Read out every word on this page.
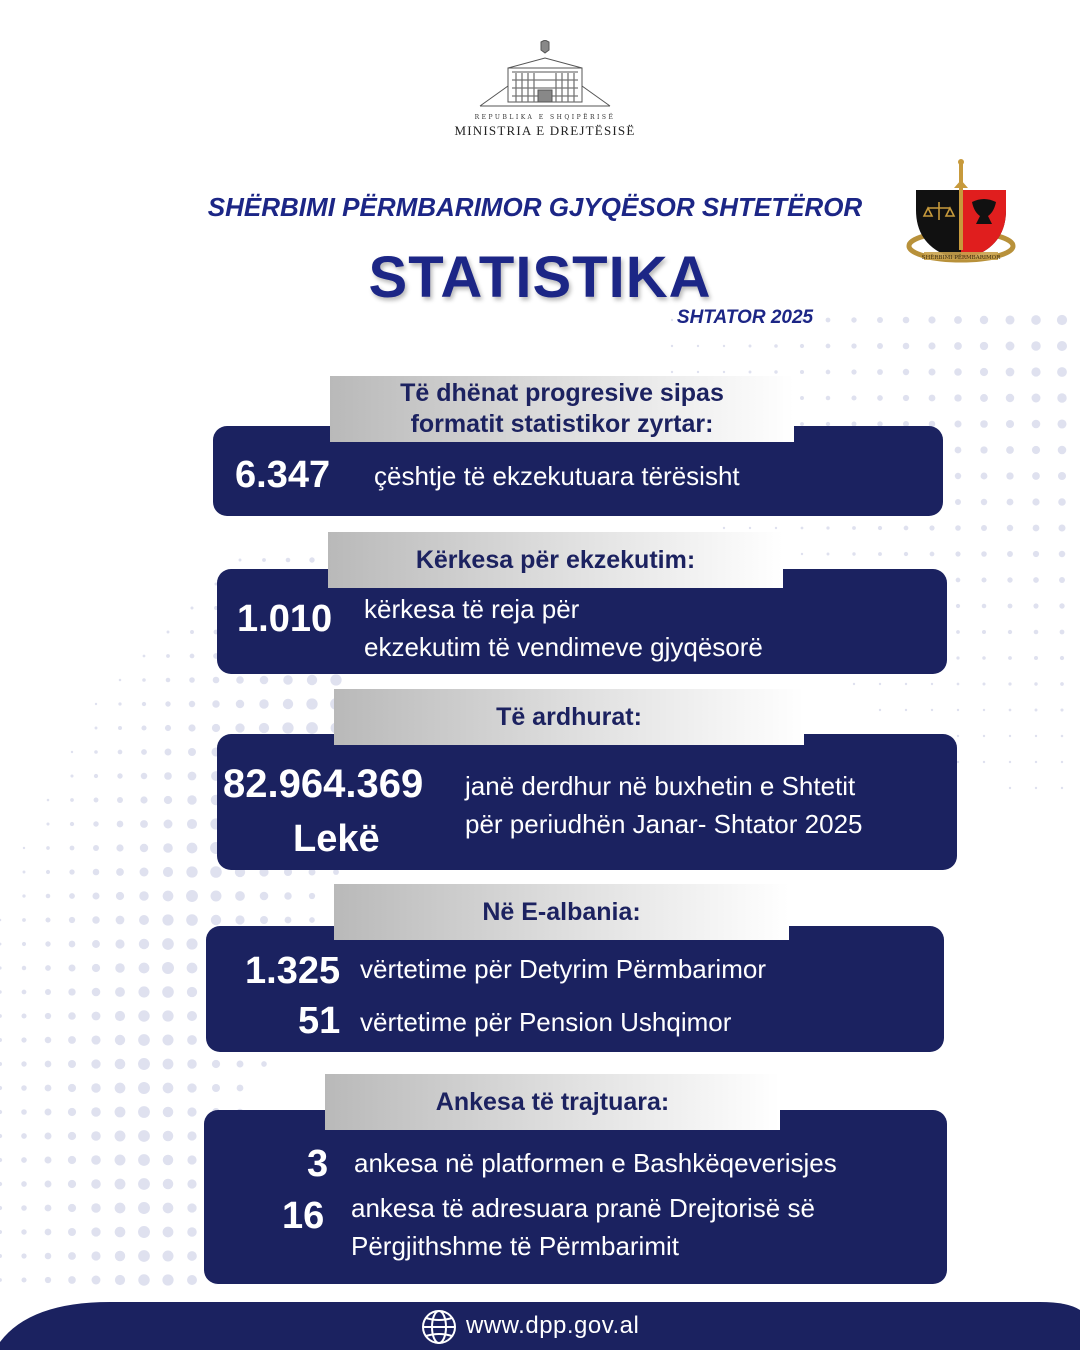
REPUBLIKA E SHQIPËRISË
MINISTRIA E DREJTËSISË
SHËRBIMI PËRMBARIMOR GJYQËSOR SHTETËROR
STATISTIKA
SHTATOR 2025
SHËRBIMI PËRMBARIMOR
Të dhënat progresive sipas
formatit statistikor zyrtar:
6.347 çështje të ekzekutuara tërësisht
Kërkesa për ekzekutim:
1.010 kërkesa të reja për
ekzekutim të vendimeve gjyqësorë
Të ardhurat:
82.964.369
Lekë
janë derdhur në buxhetin e Shtetit
për periudhën Janar- Shtator 2025
Në E-albania:
1.325 vërtetime për Detyrim Përmbarimor
51 vërtetime për Pension Ushqimor
Ankesa të trajtuara:
3 ankesa në platformen e Bashkëqeverisjes
16 ankesa të adresuara pranë Drejtorisë së
Përgjithshme të Përmbarimit
www.dpp.gov.al
